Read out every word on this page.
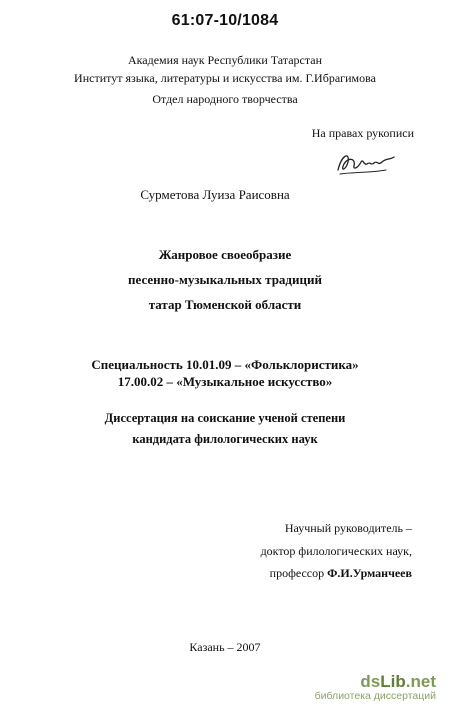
61:07-10/1084
Академия наук Республики Татарстан
Институт языка, литературы и искусства им. Г.Ибрагимова
Отдел народного творчества
На правах рукописи
Сурметова Луиза Раисовна
Жанровое своеобразие
песенно-музыкальных традиций
татар Тюменской области
Специальность 10.01.09 – «Фольклористика»
17.00.02 – «Музыкальное искусство»
Диссертация на соискание ученой степени
кандидата филологических наук
Научный руководитель –
доктор филологических наук,
профессор Ф.И.Урманчеев
Казань – 2007
dsLib.net
библиотека диссертаций
